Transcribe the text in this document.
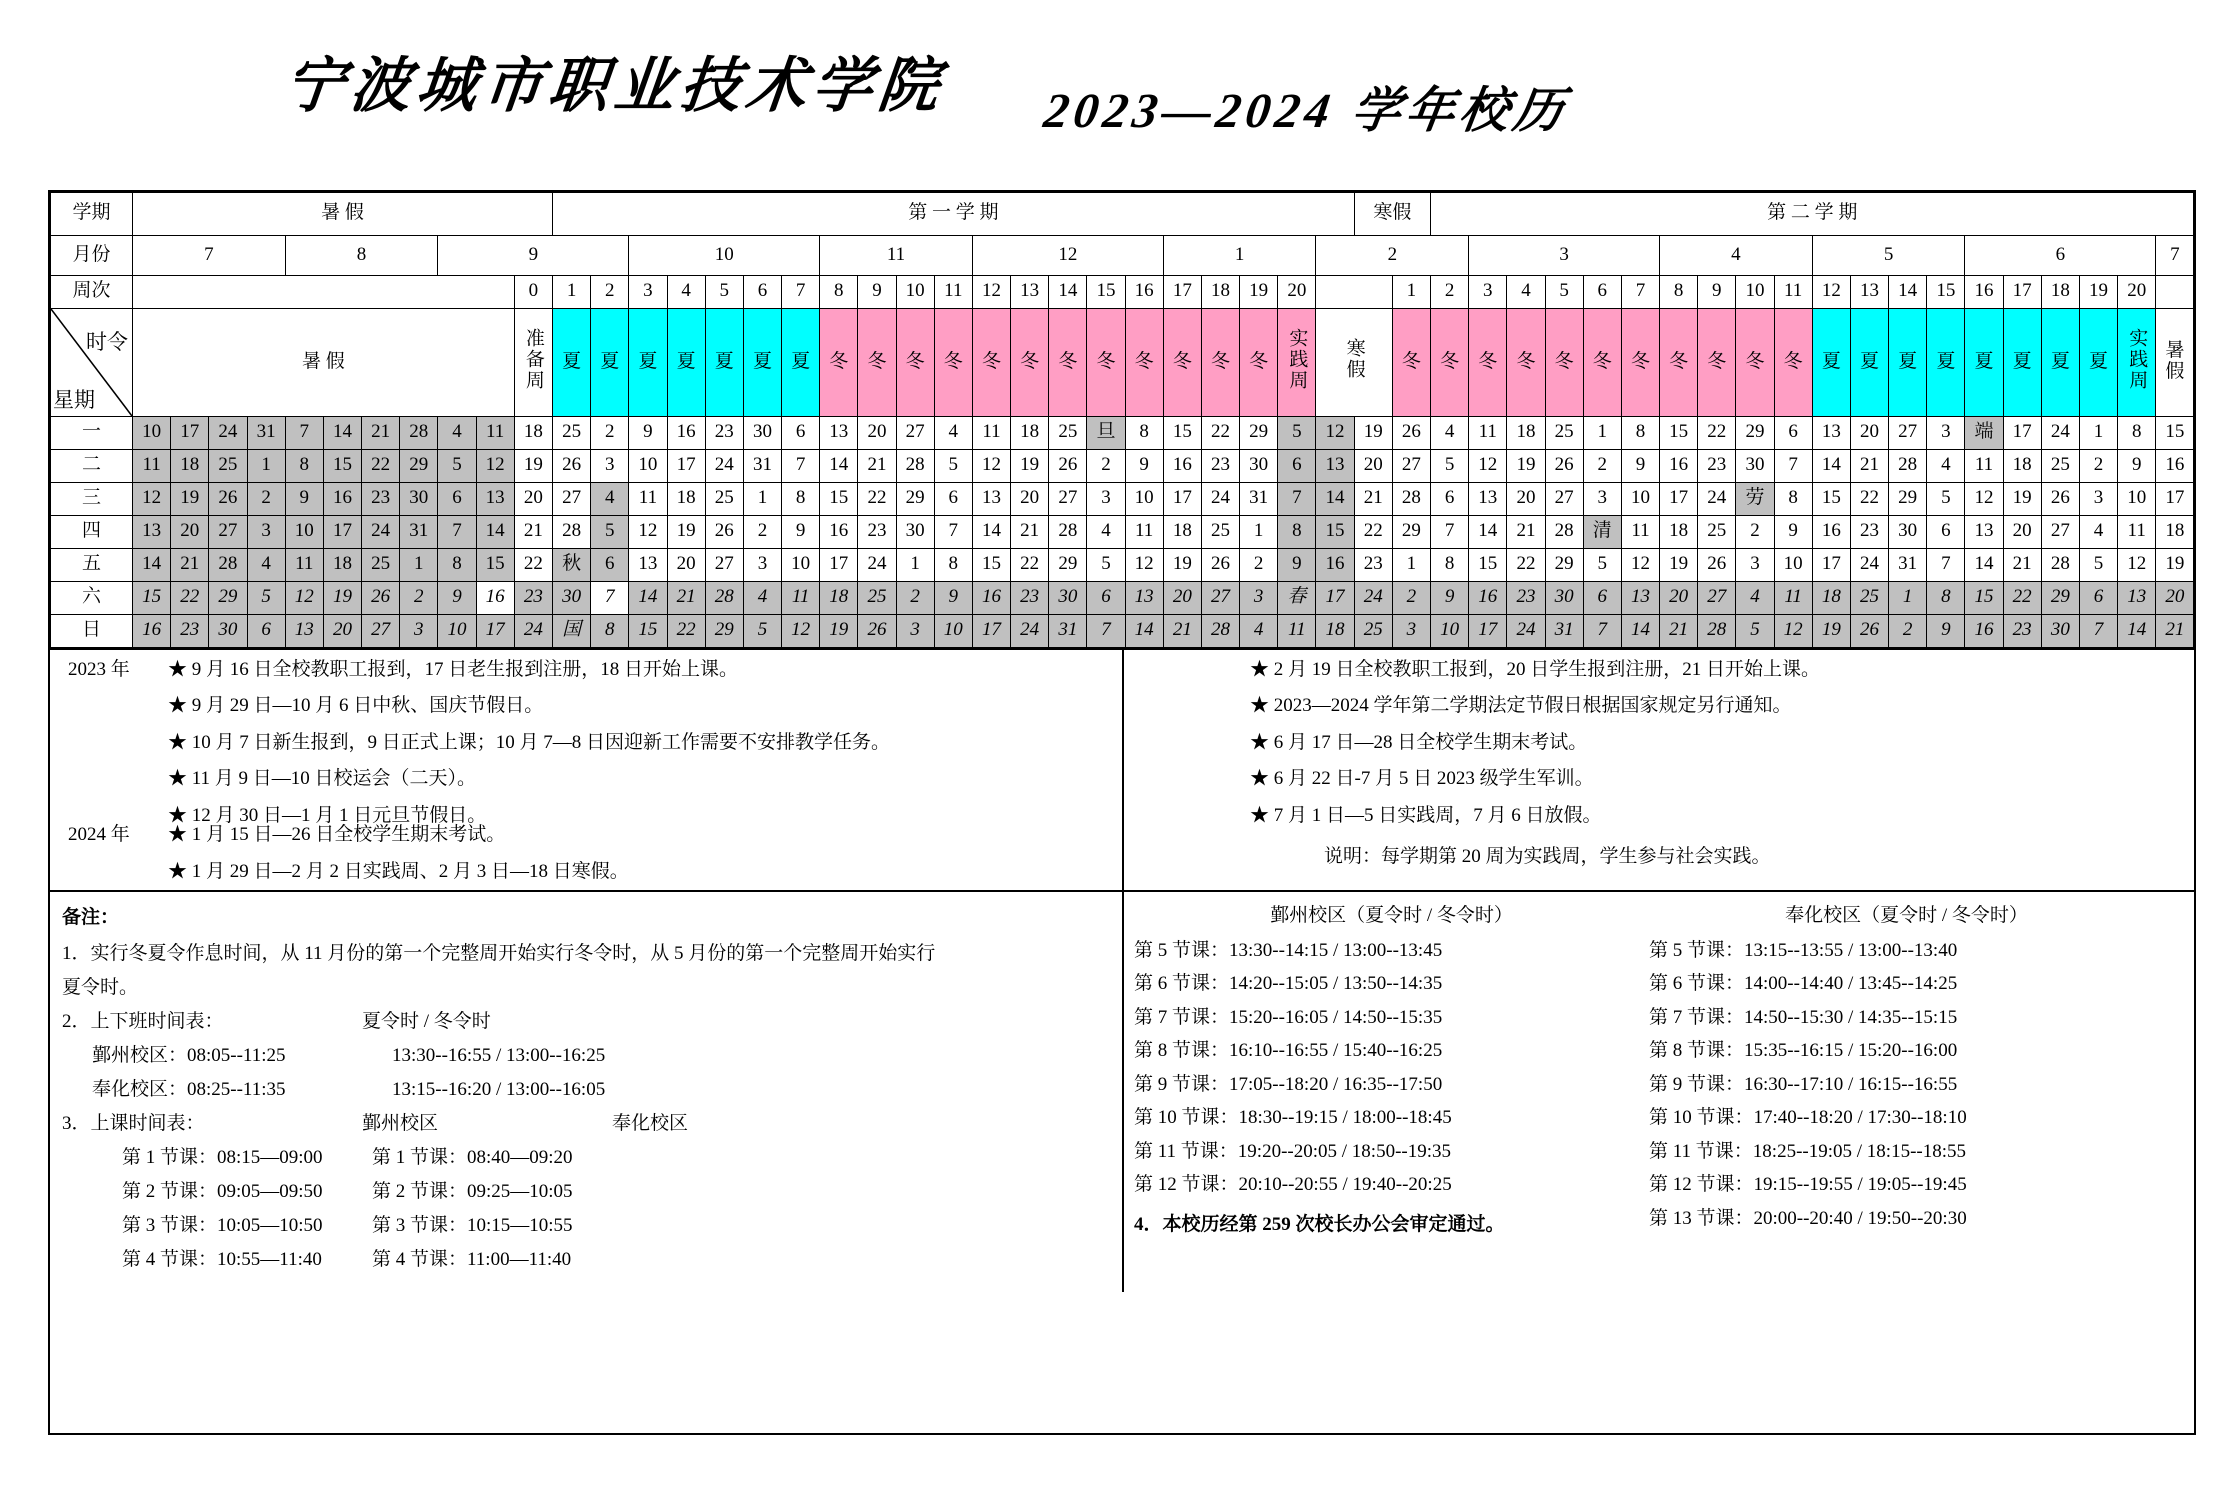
宁波城市职业技术学院 2023—2024 学年校历
学期	暑 假											第 一 学 期																					寒假		第 二 学 期	
月份	7				8				9					10					11				12					1				2				3					4				5				6					7	
周次											0	1	2	3	4	5	6	7	8	9	10	11	12	13	14	15	16	17	18	19	20			1	2	3	4	5	6	7	8	9	10	11	12	13	14	15	16	17	18	19	20		

时令
星期	暑 假										准备周	夏	夏	夏	夏	夏	夏	夏	冬	冬	冬	冬	冬	冬	冬	冬	冬	冬	冬	冬	实践周	寒假		冬	冬	冬	冬	冬	冬	冬	冬	冬	冬	冬	夏	夏	夏	夏	夏	夏	夏	夏	实践周	暑 假	
一	10	17	24	31	7	14	21	28	4	11	18	25	2	9	16	23	30	6	13	20	27	4	11	18	25	旦	8	15	22	29	5	12	19	26	4	11	18	25	1	8	15	22	29	6	13	20	27	3	端	17	24	1	8	15	
二	11	18	25	1	8	15	22	29	5	12	19	26	3	10	17	24	31	7	14	21	28	5	12	19	26	2	9	16	23	30	6	13	20	27	5	12	19	26	2	9	16	23	30	7	14	21	28	4	11	18	25	2	9	16	
三	12	19	26	2	9	16	23	30	6	13	20	27	4	11	18	25	1	8	15	22	29	6	13	20	27	3	10	17	24	31	7	14	21	28	6	13	20	27	3	10	17	24	劳	8	15	22	29	5	12	19	26	3	10	17	
四	13	20	27	3	10	17	24	31	7	14	21	28	5	12	19	26	2	9	16	23	30	7	14	21	28	4	11	18	25	1	8	15	22	29	7	14	21	28	清	11	18	25	2	9	16	23	30	6	13	20	27	4	11	18	
五	14	21	28	4	11	18	25	1	8	15	22	秋	6	13	20	27	3	10	17	24	1	8	15	22	29	5	12	19	26	2	9	16	23	1	8	15	22	29	5	12	19	26	3	10	17	24	31	7	14	21	28	5	12	19	
六	15	22	29	5	12	19	26	2	9	16	23	30	7	14	21	28	4	11	18	25	2	9	16	23	30	6	13	20	27	3	春	17	24	2	9	16	23	30	6	13	20	27	4	11	18	25	1	8	15	22	29	6	13	20	
日	16	23	30	6	13	20	27	3	10	17	24	国	8	15	22	29	5	12	19	26	3	10	17	24	31	7	14	21	28	4	11	18	25	3	10	17	24	31	7	14	21	28	5	12	19	26	2	9	16	23	30	7	14	21	
2023 年	★ 9 月 16 日全校教职工报到，17 日老生报到注册，18 日开始上课。
★ 9 月 29 日—10 月 6 日中秋、国庆节假日。
★ 10 月 7 日新生报到，9 日正式上课；10 月 7—8 日因迎新工作需要不安排教学任务。
★ 11 月 9 日—10 日校运会（二天）。
★ 12 月 30 日—1 月 1 日元旦节假日。
2024 年	★ 1 月 15 日—26 日全校学生期末考试。
★ 1 月 29 日—2 月 2 日实践周、2 月 3 日—18 日寒假。
★ 2 月 19 日全校教职工报到，20 日学生报到注册，21 日开始上课。
★ 2023—2024 学年第二学期法定节假日根据国家规定另行通知。
★ 6 月 17 日—28 日全校学生期末考试。
★ 6 月 22 日-7 月 5 日 2023 级学生军训。
★ 7 月 1 日—5 日实践周，7 月 6 日放假。
说明：每学期第 20 周为实践周，学生参与社会实践。
备注：
1．实行冬夏令作息时间，从 11 月份的第一个完整周开始实行冬令时，从 5 月份的第一个完整周开始实行
夏令时。
2．上下班时间表：	夏令时 / 冬令时
鄞州校区：08:05--11:25	13:30--16:55 / 13:00--16:25
奉化校区：08:25--11:35	13:15--16:20 / 13:00--16:05
3．上课时间表：	鄞州校区	奉化校区
第 1 节课：08:15—09:00	第 1 节课：08:40—09:20
第 2 节课：09:05—09:50	第 2 节课：09:25—10:05
第 3 节课：10:05—10:50	第 3 节课：10:15—10:55
第 4 节课：10:55—11:40	第 4 节课：11:00—11:40
鄞州校区（夏令时 / 冬令时）
第 5 节课：13:30--14:15 / 13:00--13:45
第 6 节课：14:20--15:05 / 13:50--14:35
第 7 节课：15:20--16:05 / 14:50--15:35
第 8 节课：16:10--16:55 / 15:40--16:25
第 9 节课：17:05--18:20 / 16:35--17:50
第 10 节课：18:30--19:15 / 18:00--18:45
第 11 节课：19:20--20:05 / 18:50--19:35
第 12 节课：20:10--20:55 / 19:40--20:25
4．本校历经第 259 次校长办公会审定通过。
奉化校区（夏令时 / 冬令时）
第 5 节课：13:15--13:55 / 13:00--13:40
第 6 节课：14:00--14:40 / 13:45--14:25
第 7 节课：14:50--15:30 / 14:35--15:15
第 8 节课：15:35--16:15 / 15:20--16:00
第 9 节课：16:30--17:10 / 16:15--16:55
第 10 节课：17:40--18:20 / 17:30--18:10
第 11 节课：18:25--19:05 / 18:15--18:55
第 12 节课：19:15--19:55 / 19:05--19:45
第 13 节课：20:00--20:40 / 19:50--20:30
